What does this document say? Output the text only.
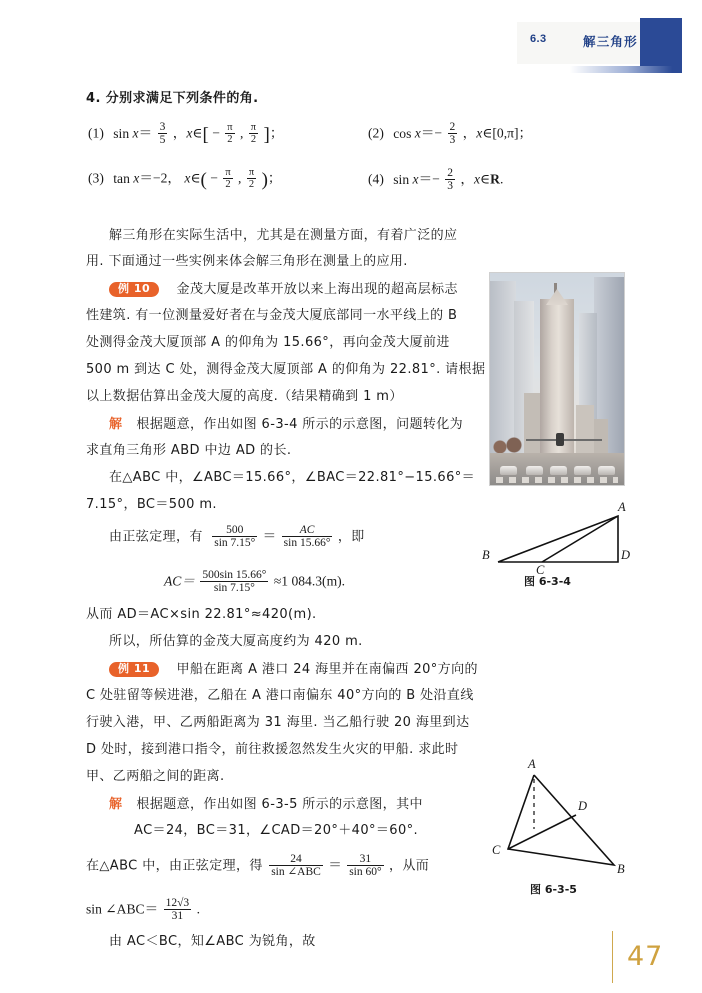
6.3	解三角形
4. 分别求满足下列条件的角.
(1) $\sin x= \frac{3}{5}$ ，x∈[ − $\frac{\pi}{2}$ , $\frac{\pi}{2}$ ]；	(2) $\cos x=- \frac{2}{3}$ ，x∈[0,π]；
(3) tan x＝−2， x∈( − $\frac{\pi}{2}$ , $\frac{\pi}{2}$ )；	(4) $\sin x=- \frac{2}{3}$ ，x∈R.
解三角形在实际生活中，尤其是在测量方面，有着广泛的应
用. 下面通过一些实例来体会解三角形在测量上的应用.
例 10 金茂大厦是改革开放以来上海出现的超高层标志
性建筑. 有一位测量爱好者在与金茂大厦底部同一水平线上的 B
处测得金茂大厦顶部 A 的仰角为 15.66°，再向金茂大厦前进
500 m 到达 C 处，测得金茂大厦顶部 A 的仰角为 22.81°. 请根据
以上数据估算出金茂大厦的高度.（结果精确到 1 m）
解 根据题意，作出如图 6-3-4 所示的示意图，问题转化为
求直角三角形 ABD 中边 AD 的长.
在△ABC 中，∠ABC＝15.66°，∠BAC＝22.81°−15.66°＝
7.15°，BC＝500 m.
由正弦定理，有 $\frac{500}{\sin 7.15^\circ} = \frac{AC}{\sin 15.66^\circ}$ ，即
$AC= \frac{500\sin 15.66^\circ}{\sin 7.15^\circ} \approx 1$ 084.3(m).
从而 AD＝AC×sin 22.81°≈420(m).
所以，所估算的金茂大厦高度约为 420 m.
例 11 甲船在距离 A 港口 24 海里并在南偏西 20°方向的
C 处驻留等候进港，乙船在 A 港口南偏东 40°方向的 B 处沿直线
行驶入港，甲、乙两船距离为 31 海里. 当乙船行驶 20 海里到达
D 处时，接到港口指令，前往救援忽然发生火灾的甲船. 求此时
甲、乙两船之间的距离.
解 根据题意，作出如图 6-3-5 所示的示意图，其中
AC＝24，BC＝31，∠CAD＝20°＋40°＝60°.
在△ABC 中，由正弦定理，得	24
sin ∠ABC ＝ $\frac{31}{\sin 60^\circ}$ ，从而
sin ∠ABC＝ $\frac{12√3}{31}$ .
由 AC＜BC，知∠ABC 为锐角，故
A
B
C
D
图 6-3-4
A
B
C
D
图 6-3-5
47
